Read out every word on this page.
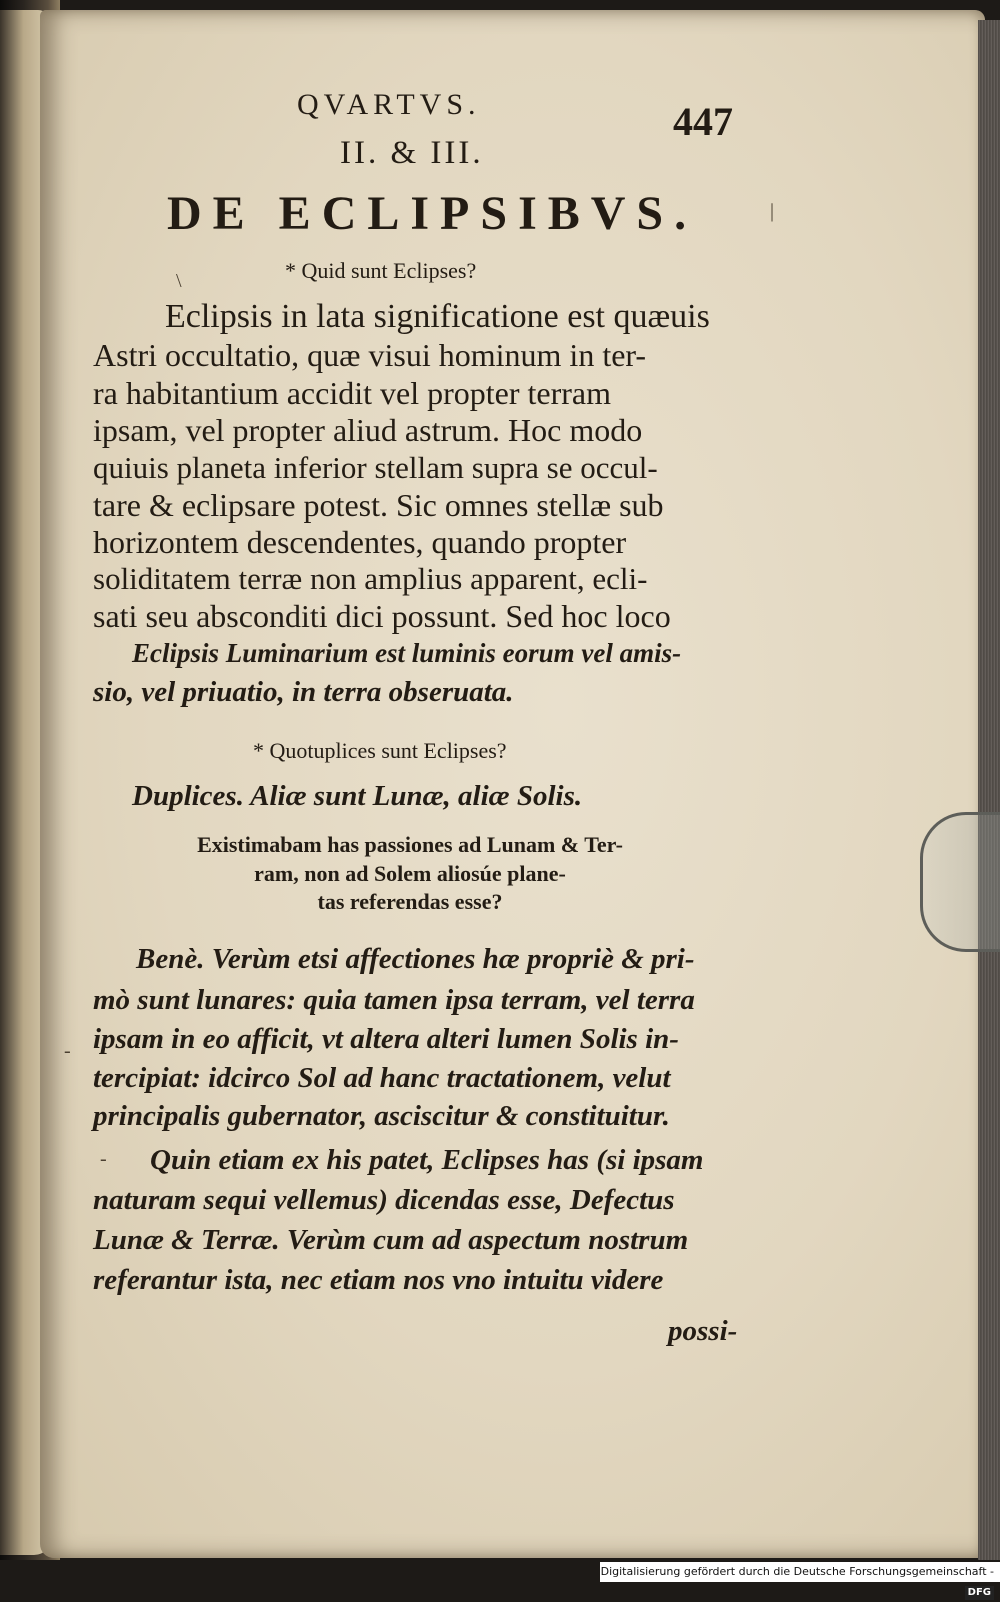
QVARTVS.	447
II. & III.
DE ECLIPSIBVS.
* Quid sunt Eclipses?
Eclipsis in lata significatione est quæuis
Astri occultatio, quæ visui hominum in ter-
ra habitantium accidit vel propter terram
ipsam, vel propter aliud astrum. Hoc modo
quiuis planeta inferior stellam supra se occul-
tare & eclipsare potest. Sic omnes stellæ sub
horizontem descendentes, quando propter
soliditatem terræ non amplius apparent, ecli-
sati seu absconditi dici possunt. Sed hoc loco
Eclipsis Luminarium est luminis eorum vel amis-
sio, vel priuatio, in terra obseruata.
* Quotuplices sunt Eclipses?
Duplices. Aliæ sunt Lunæ, aliæ Solis.
Existimabam has passiones ad Lunam & Ter-
ram, non ad Solem aliosúe plane-
tas referendas esse?
Benè. Verùm etsi affectiones hæ propriè & pri-
mò sunt lunares: quia tamen ipsa terram, vel terra
ipsam in eo afficit, vt altera alteri lumen Solis in-
tercipiat: idcirco Sol ad hanc tractationem, velut
principalis gubernator, asciscitur & constituitur.
Quin etiam ex his patet, Eclipses has (si ipsam
naturam sequi vellemus) dicendas esse, Defectus
Lunæ & Terræ. Verùm cum ad aspectum nostrum
referantur ista, nec etiam nos vno intuitu videre
possi-
|
\
-
-
Digitalisierung gefördert durch die Deutsche Forschungsgemeinschaft -DFG
